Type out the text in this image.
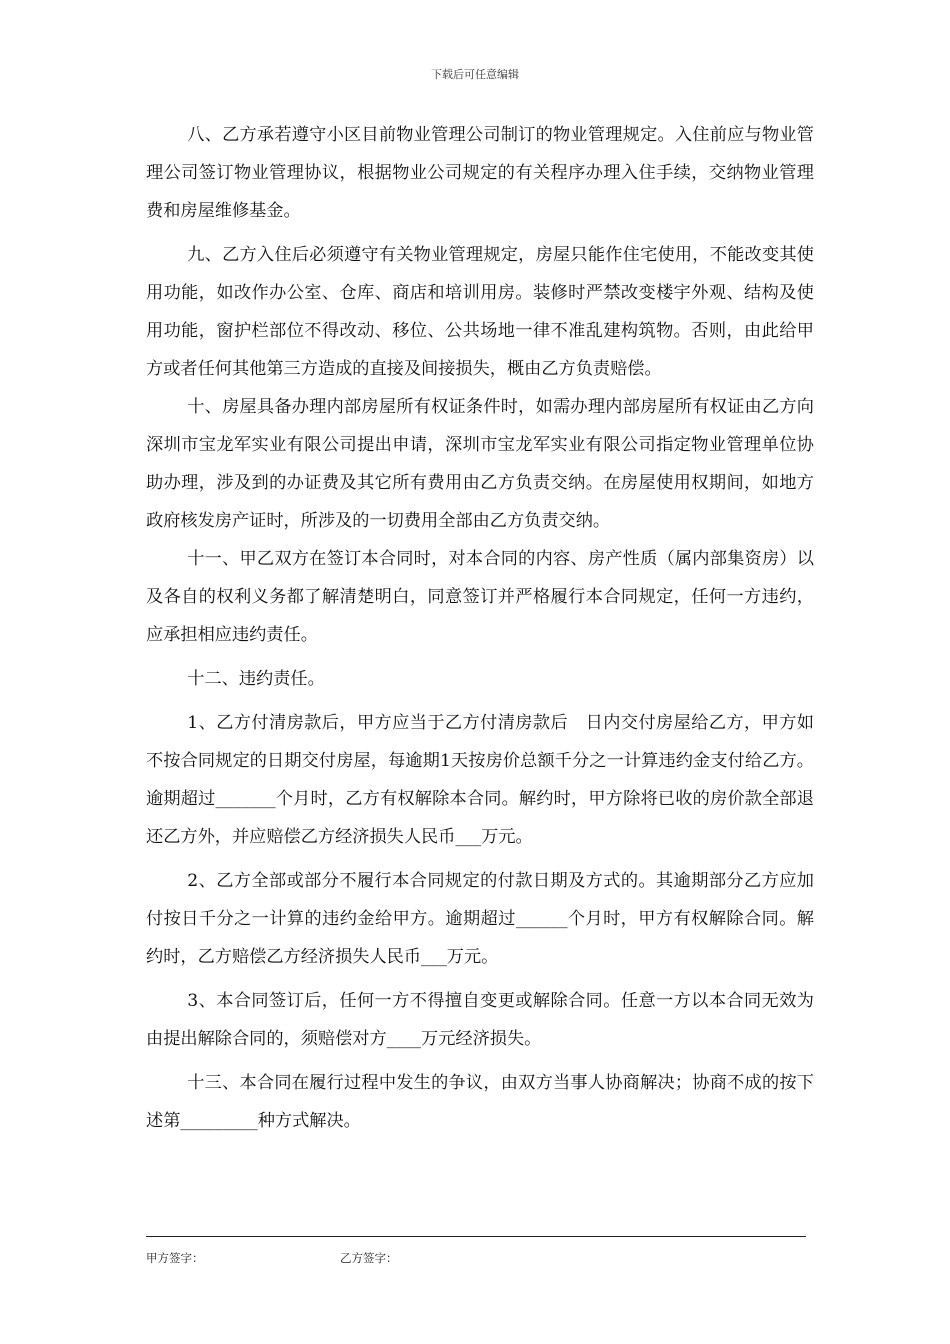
下载后可任意编辑

八、乙方承若遵守小区目前物业管理公司制订的物业管理规定。入住前应与物业管理公司签订物业管理协议，根据物业公司规定的有关程序办理入住手续，交纳物业管理费和房屋维修基金。

九、乙方入住后必须遵守有关物业管理规定，房屋只能作住宅使用，不能改变其使用功能，如改作办公室、仓库、商店和培训用房。装修时严禁改变楼宇外观、结构及使用功能，窗护栏部位不得改动、移位、公共场地一律不准乱建构筑物。否则，由此给甲方或者任何其他第三方造成的直接及间接损失，概由乙方负责赔偿。

十、房屋具备办理内部房屋所有权证条件时，如需办理内部房屋所有权证由乙方向深圳市宝龙军实业有限公司提出申请，深圳市宝龙军实业有限公司指定物业管理单位协助办理，涉及到的办证费及其它所有费用由乙方负责交纳。在房屋使用权期间，如地方政府核发房产证时，所涉及的一切费用全部由乙方负责交纳。

十一、甲乙双方在签订本合同时，对本合同的内容、房产性质（属内部集资房）以及各自的权利义务都了解清楚明白，同意签订并严格履行本合同规定，任何一方违约，应承担相应违约责任。

十二、违约责任。

1、乙方付清房款后，甲方应当于乙方付清房款后　日内交付房屋给乙方，甲方如不按合同规定的日期交付房屋，每逾期1天按房价总额千分之一计算违约金支付给乙方。逾期超过_______个月时，乙方有权解除本合同。解约时，甲方除将已收的房价款全部退还乙方外，并应赔偿乙方经济损失人民币___万元。

2、乙方全部或部分不履行本合同规定的付款日期及方式的。其逾期部分乙方应加付按日千分之一计算的违约金给甲方。逾期超过______个月时，甲方有权解除合同。解约时，乙方赔偿乙方经济损失人民币___万元。

3、本合同签订后，任何一方不得擅自变更或解除合同。任意一方以本合同无效为由提出解除合同的，须赔偿对方____万元经济损失。

十三、本合同在履行过程中发生的争议，由双方当事人协商解决；协商不成的按下述第_________种方式解决。

甲方签字：	乙方签字：
